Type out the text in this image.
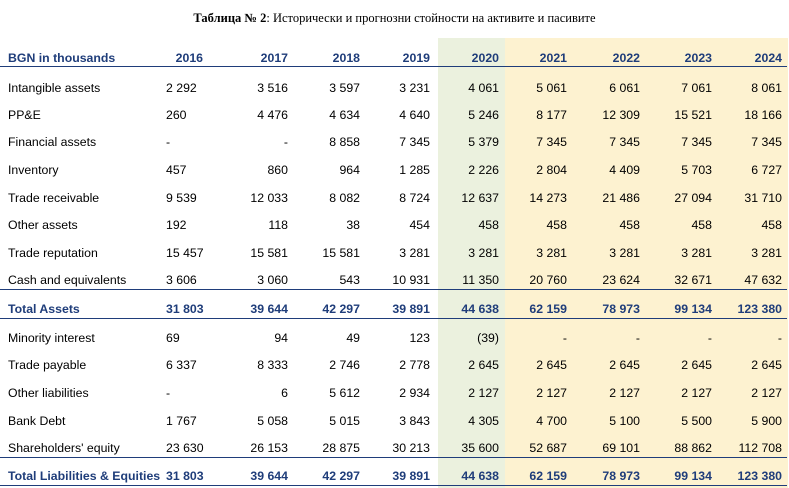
Таблица № 2: Исторически и прогнозни стойности на активите и пасивите
BGN in thousands	2016	2017	2018	2019	2020	2021	2022	2023	2024
Intangible assets	2 292	3 516	3 597	3 231	4 061	5 061	6 061	7 061	8 061
PP&E	260	4 476	4 634	4 640	5 246	8 177	12 309	15 521	18 166
Financial assets	-	-	8 858	7 345	5 379	7 345	7 345	7 345	7 345
Inventory	457	860	964	1 285	2 226	2 804	4 409	5 703	6 727
Trade receivable	9 539	12 033	8 082	8 724	12 637	14 273	21 486	27 094	31 710
Other assets	192	118	38	454	458	458	458	458	458
Trade reputation	15 457	15 581	15 581	3 281	3 281	3 281	3 281	3 281	3 281
Cash and equivalents	3 606	3 060	543	10 931	11 350	20 760	23 624	32 671	47 632
Total Assets	31 803	39 644	42 297	39 891	44 638	62 159	78 973	99 134	123 380
Minority interest	69	94	49	123	(39)	-	-	-	-
Trade payable	6 337	8 333	2 746	2 778	2 645	2 645	2 645	2 645	2 645
Other liabilities	-	6	5 612	2 934	2 127	2 127	2 127	2 127	2 127
Bank Debt	1 767	5 058	5 015	3 843	4 305	4 700	5 100	5 500	5 900
Shareholders' equity	23 630	26 153	28 875	30 213	35 600	52 687	69 101	88 862	112 708
Total Liabilities & Equities 31 803	39 644	42 297	39 891	44 638	62 159	78 973	99 134	123 380
